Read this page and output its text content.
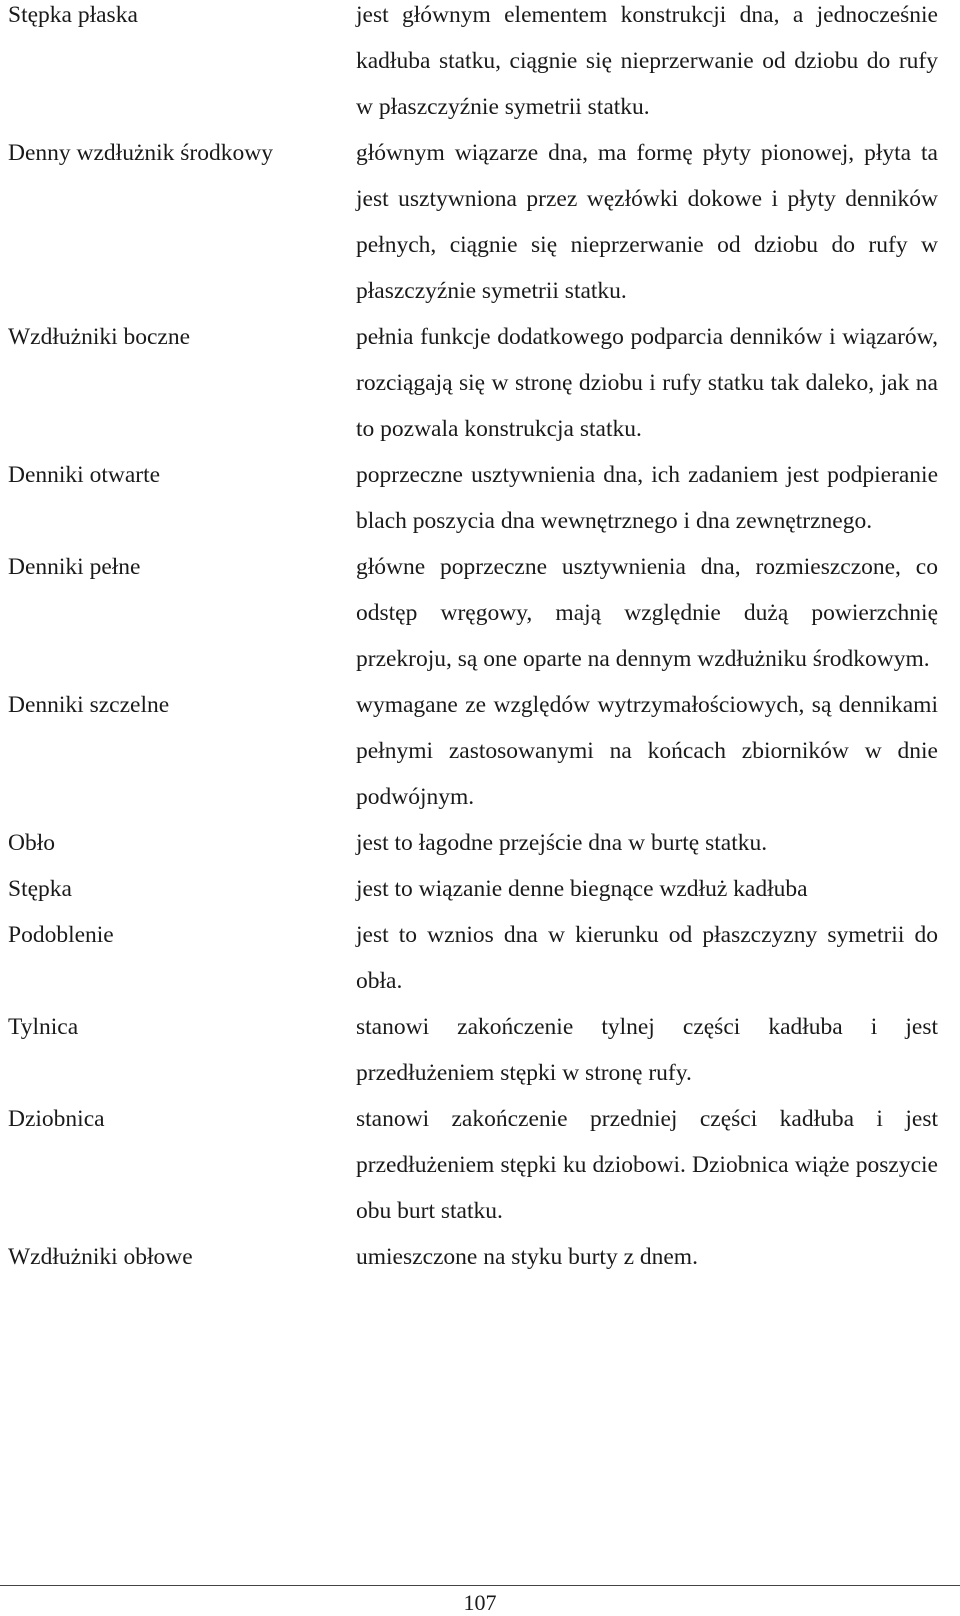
Stępka płaska	jest głównym elementem konstrukcji dna, a jednocześnie kadłuba statku, ciągnie się nieprzerwanie od dziobu do rufy w płaszczyźnie symetrii statku.
Denny wzdłużnik środkowy	głównym wiązarze dna, ma formę płyty pionowej, płyta ta jest usztywniona przez węzłówki dokowe i płyty denników pełnych, ciągnie się nieprzerwanie od dziobu do rufy w płaszczyźnie symetrii statku.
Wzdłużniki boczne	pełnia funkcje dodatkowego podparcia denników i wiązarów, rozciągają się w stronę dziobu i rufy statku tak daleko, jak na to pozwala konstrukcja statku.
Denniki otwarte	poprzeczne usztywnienia dna, ich zadaniem jest podpieranie blach poszycia dna wewnętrznego i dna zewnętrznego.
Denniki pełne	główne poprzeczne usztywnienia dna, rozmieszczone, co odstęp wręgowy, mają względnie dużą powierzchnię przekroju, są one oparte na dennym wzdłużniku środkowym.
Denniki szczelne	wymagane ze względów wytrzymałościowych, są dennikami pełnymi zastosowanymi na końcach zbiorników w dnie podwójnym.
Obło	jest to łagodne przejście dna w burtę statku.
Stępka	jest to wiązanie denne biegnące wzdłuż kadłuba
Podoblenie	jest to wznios dna w kierunku od płaszczyzny symetrii do obła.
Tylnica	stanowi zakończenie tylnej części kadłuba i jest przedłużeniem stępki w stronę rufy.
Dziobnica	stanowi zakończenie przedniej części kadłuba i jest przedłużeniem stępki ku dziobowi. Dziobnica wiąże poszycie obu burt statku.
Wzdłużniki obłowe	umieszczone na styku burty z dnem.
107
